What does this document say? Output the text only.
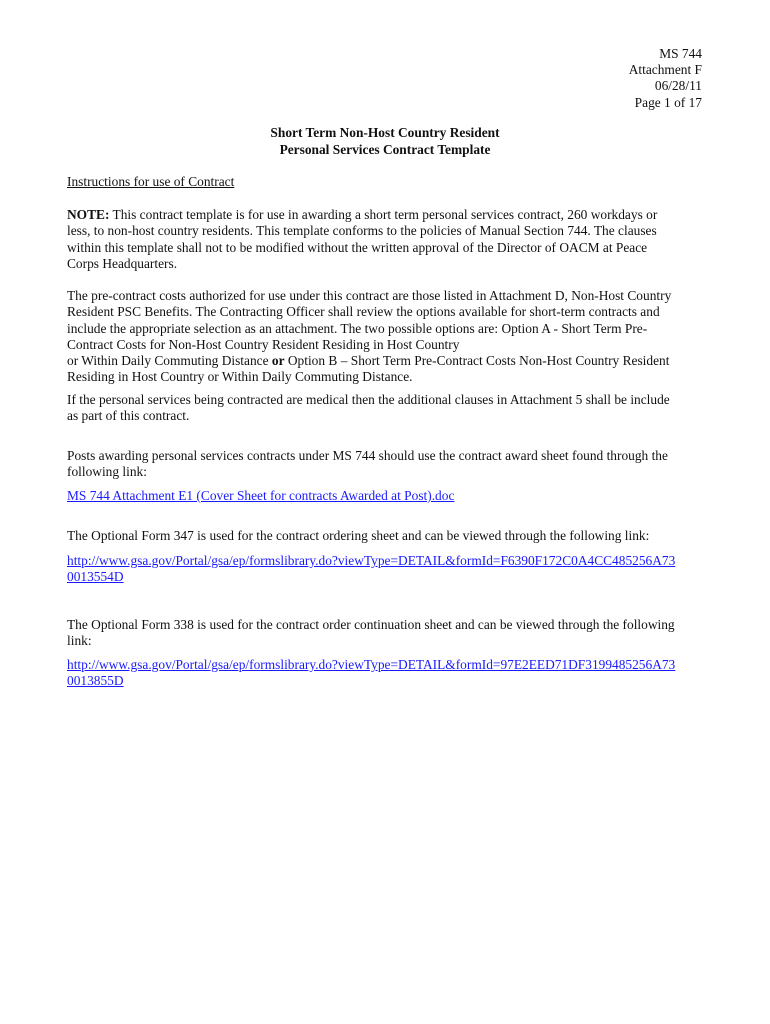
MS 744
Attachment F
06/28/11
Page 1 of 17
Short Term Non-Host Country Resident
Personal Services Contract Template
Instructions for use of Contract
NOTE: This contract template is for use in awarding a short term personal services contract, 260 workdays or
less, to non-host country residents. This template conforms to the policies of Manual Section 744. The clauses
within this template shall not to be modified without the written approval of the Director of OACM at Peace
Corps Headquarters.
The pre-contract costs authorized for use under this contract are those listed in Attachment D, Non-Host Country
Resident PSC Benefits. The Contracting Officer shall review the options available for short-term contracts and
include the appropriate selection as an attachment. The two possible options are: Option A - Short Term Pre-
Contract Costs for Non-Host Country Resident Residing in Host Country
or Within Daily Commuting Distance or Option B – Short Term Pre-Contract Costs Non-Host Country Resident
Residing in Host Country or Within Daily Commuting Distance.
If the personal services being contracted are medical then the additional clauses in Attachment 5 shall be include
as part of this contract.
Posts awarding personal services contracts under MS 744 should use the contract award sheet found through the
following link:
MS 744 Attachment E1 (Cover Sheet for contracts Awarded at Post).doc
The Optional Form 347 is used for the contract ordering sheet and can be viewed through the following link:
http://www.gsa.gov/Portal/gsa/ep/formslibrary.do?viewType=DETAIL&formId=F6390F172C0A4CC485256A73
0013554D
The Optional Form 338 is used for the contract order continuation sheet and can be viewed through the following
link:
http://www.gsa.gov/Portal/gsa/ep/formslibrary.do?viewType=DETAIL&formId=97E2EED71DF3199485256A73
0013855D
